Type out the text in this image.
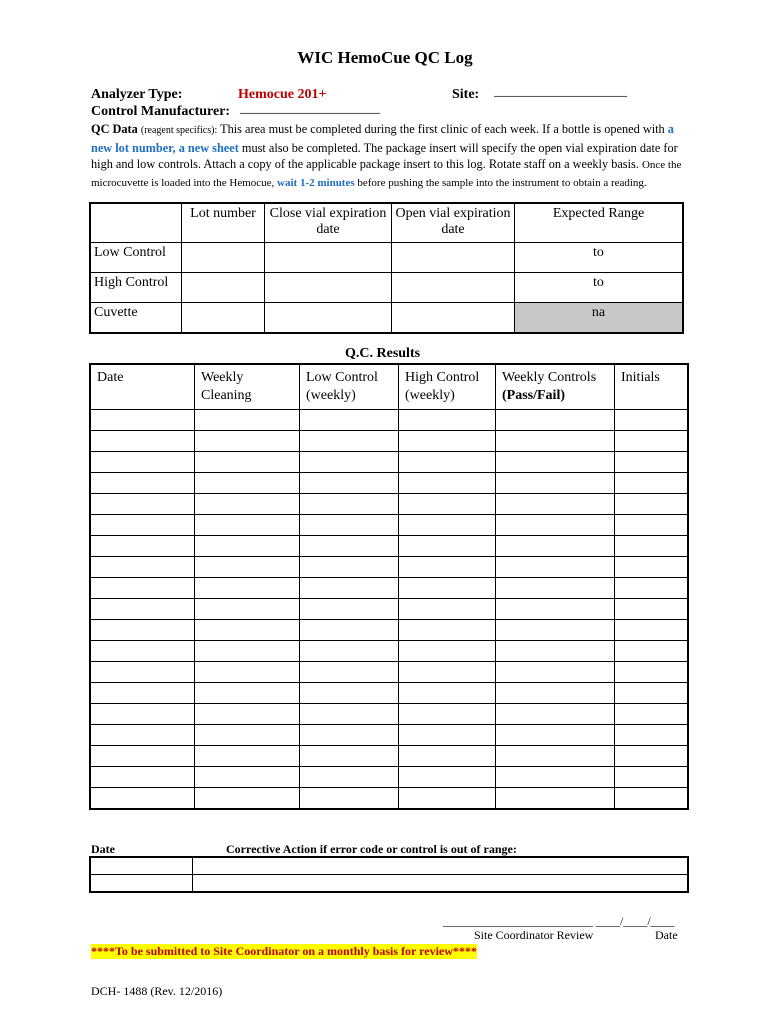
WIC HemoCue QC Log
Analyzer Type:	Hemocue 201+	Site: ___________________
Control Manufacturer: ____________________
QC Data (reagent specifics): This area must be completed during the first clinic of each week. If a bottle is opened with a new lot number, a new sheet must also be completed. The package insert will specify the open vial expiration date for high and low controls. Attach a copy of the applicable package insert to this log. Rotate staff on a weekly basis. Once the microcuvette is loaded into the Hemocue, wait 1-2 minutes before pushing the sample into the instrument to obtain a reading.
	Lot number	Close vial expiration date	Open vial expiration date	Expected Range
Low Control				to
High Control				to
Cuvette				na
Q.C. Results
Date	Weekly Cleaning	Low Control (weekly)	High Control (weekly)	Weekly Controls
(Pass/Fail)	Initials

Date	Corrective Action if error code or control is out of range:

_________________________ ____/____/____
Site Coordinator Review	Date
****To be submitted to Site Coordinator on a monthly basis for review****
DCH- 1488 (Rev. 12/2016)
